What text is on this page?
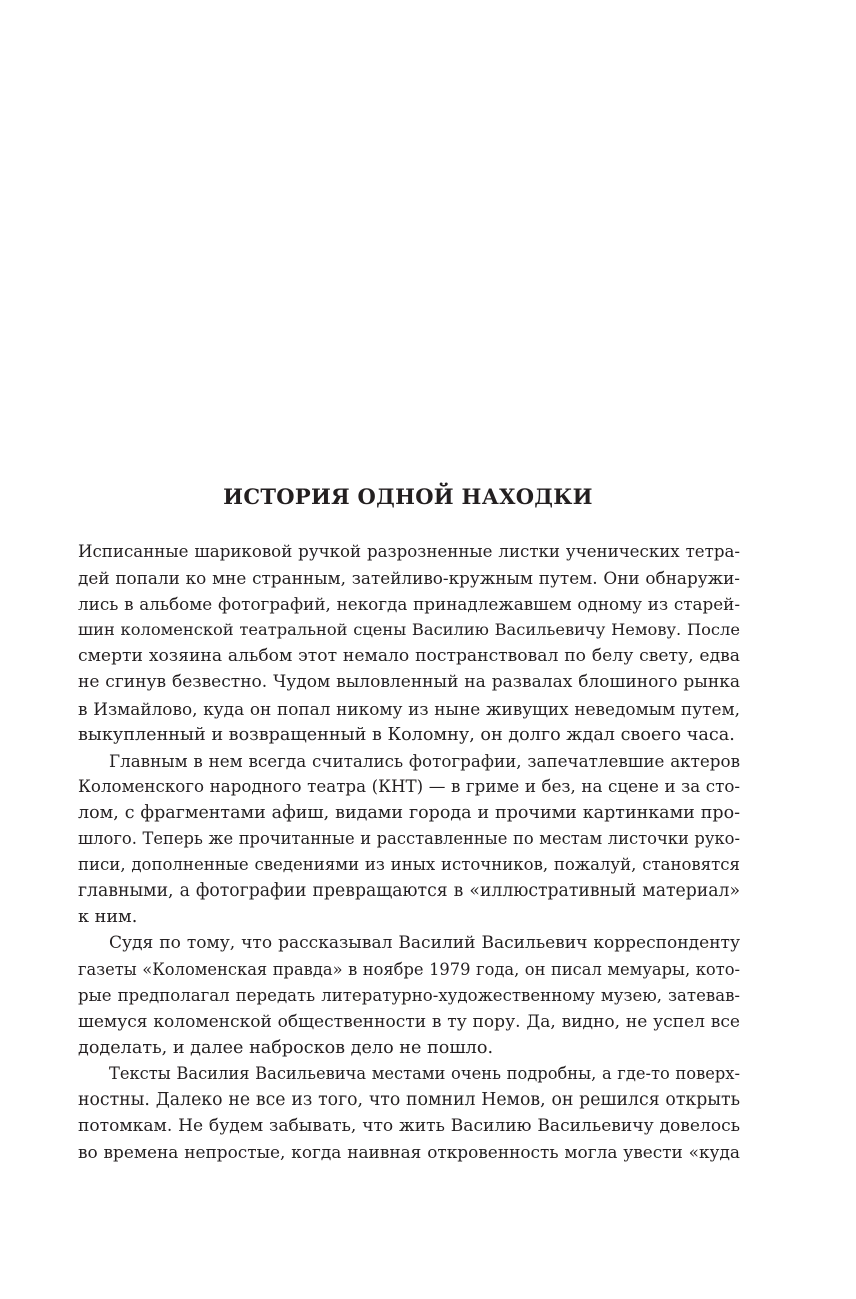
ИСТОРИЯ ОДНОЙ НАХОДКИ

Исписанные шариковой ручкой разрозненные листки ученических тетра-
дей попали ко мне странным, затейливо-кружным путем. Они обнаружи-
лись в альбоме фотографий, некогда принадлежавшем одному из старей-
шин коломенской театральной сцены Василию Васильевичу Немову. После
смерти хозяина альбом этот немало постранствовал по белу свету, едва
не сгинув безвестно. Чудом выловленный на развалах блошиного рынка
в Измайлово, куда он попал никому из ныне живущих неведомым путем,
выкупленный и возвращенный в Коломну, он долго ждал своего часа.

Главным в нем всегда считались фотографии, запечатлевшие актеров
Коломенского народного театра (КНТ) — в гриме и без, на сцене и за сто-
лом, с фрагментами афиш, видами города и прочими картинками про-
шлого. Теперь же прочитанные и расставленные по местам листочки руко-
писи, дополненные сведениями из иных источников, пожалуй, становятся
главными, а фотографии превращаются в «иллюстративный материал»
к ним.

Судя по тому, что рассказывал Василий Васильевич корреспонденту
газеты «Коломенская правда» в ноябре 1979 года, он писал мемуары, кото-
рые предполагал передать литературно-художественному музею, затевав-
шемуся коломенской общественности в ту пору. Да, видно, не успел все
доделать, и далее набросков дело не пошло.

Тексты Василия Васильевича местами очень подробны, а где-то поверх-
ностны. Далеко не все из того, что помнил Немов, он решился открыть
потомкам. Не будем забывать, что жить Василию Васильевичу довелось
во времена непростые, когда наивная откровенность могла увести «куда
